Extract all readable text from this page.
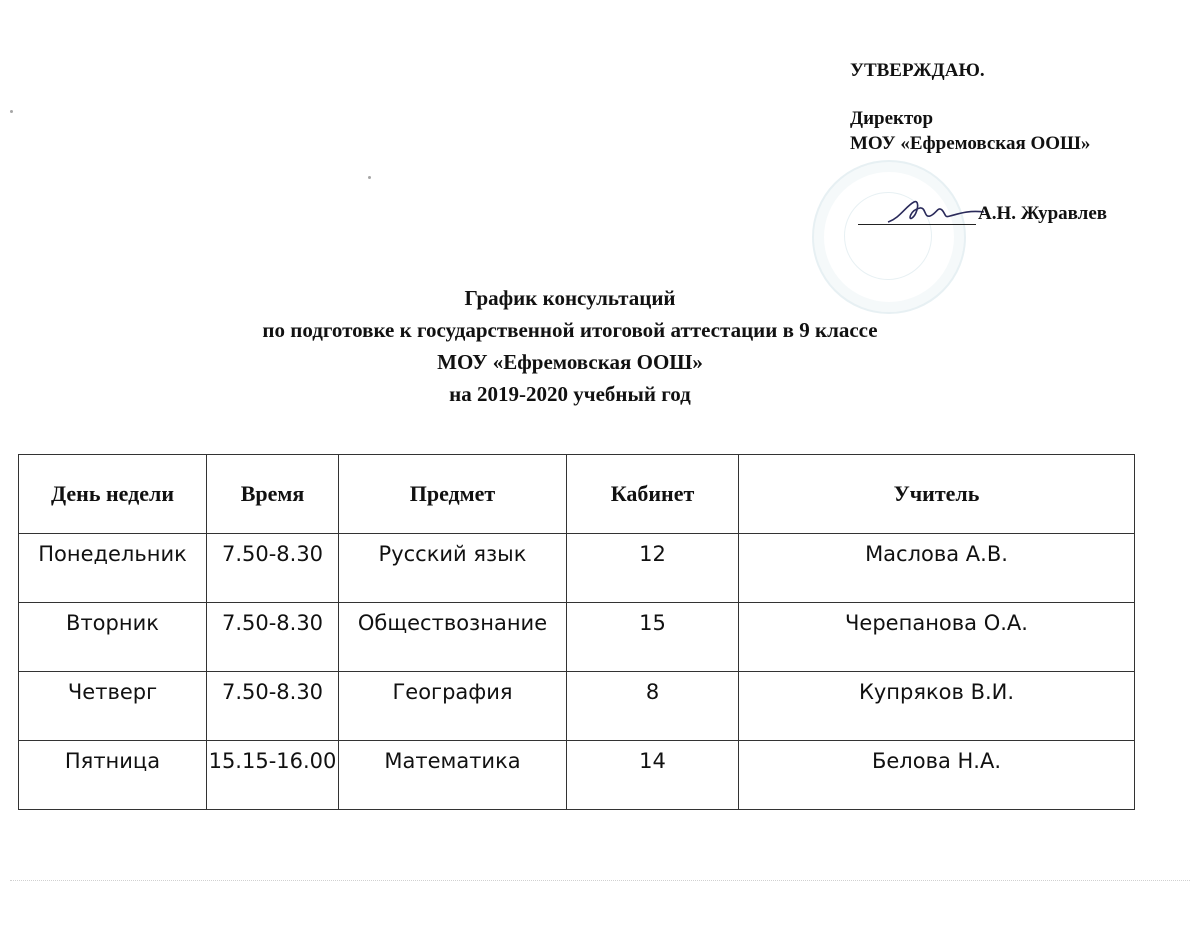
УТВЕРЖДАЮ.
Директор
МОУ «Ефремовская ООШ»
А.Н. Журавлев
График консультаций
по подготовке к государственной итоговой аттестации в 9 классе
МОУ «Ефремовская ООШ»
на 2019-2020 учебный год
День недели	Время	Предмет	Кабинет	Учитель
Понедельник	7.50-8.30	Русский язык	12	Маслова А.В.
Вторник	7.50-8.30	Обществознание	15	Черепанова О.А.
Четверг	7.50-8.30	География	8	Купряков В.И.
Пятница	15.15-16.00	Математика	14	Белова Н.А.
